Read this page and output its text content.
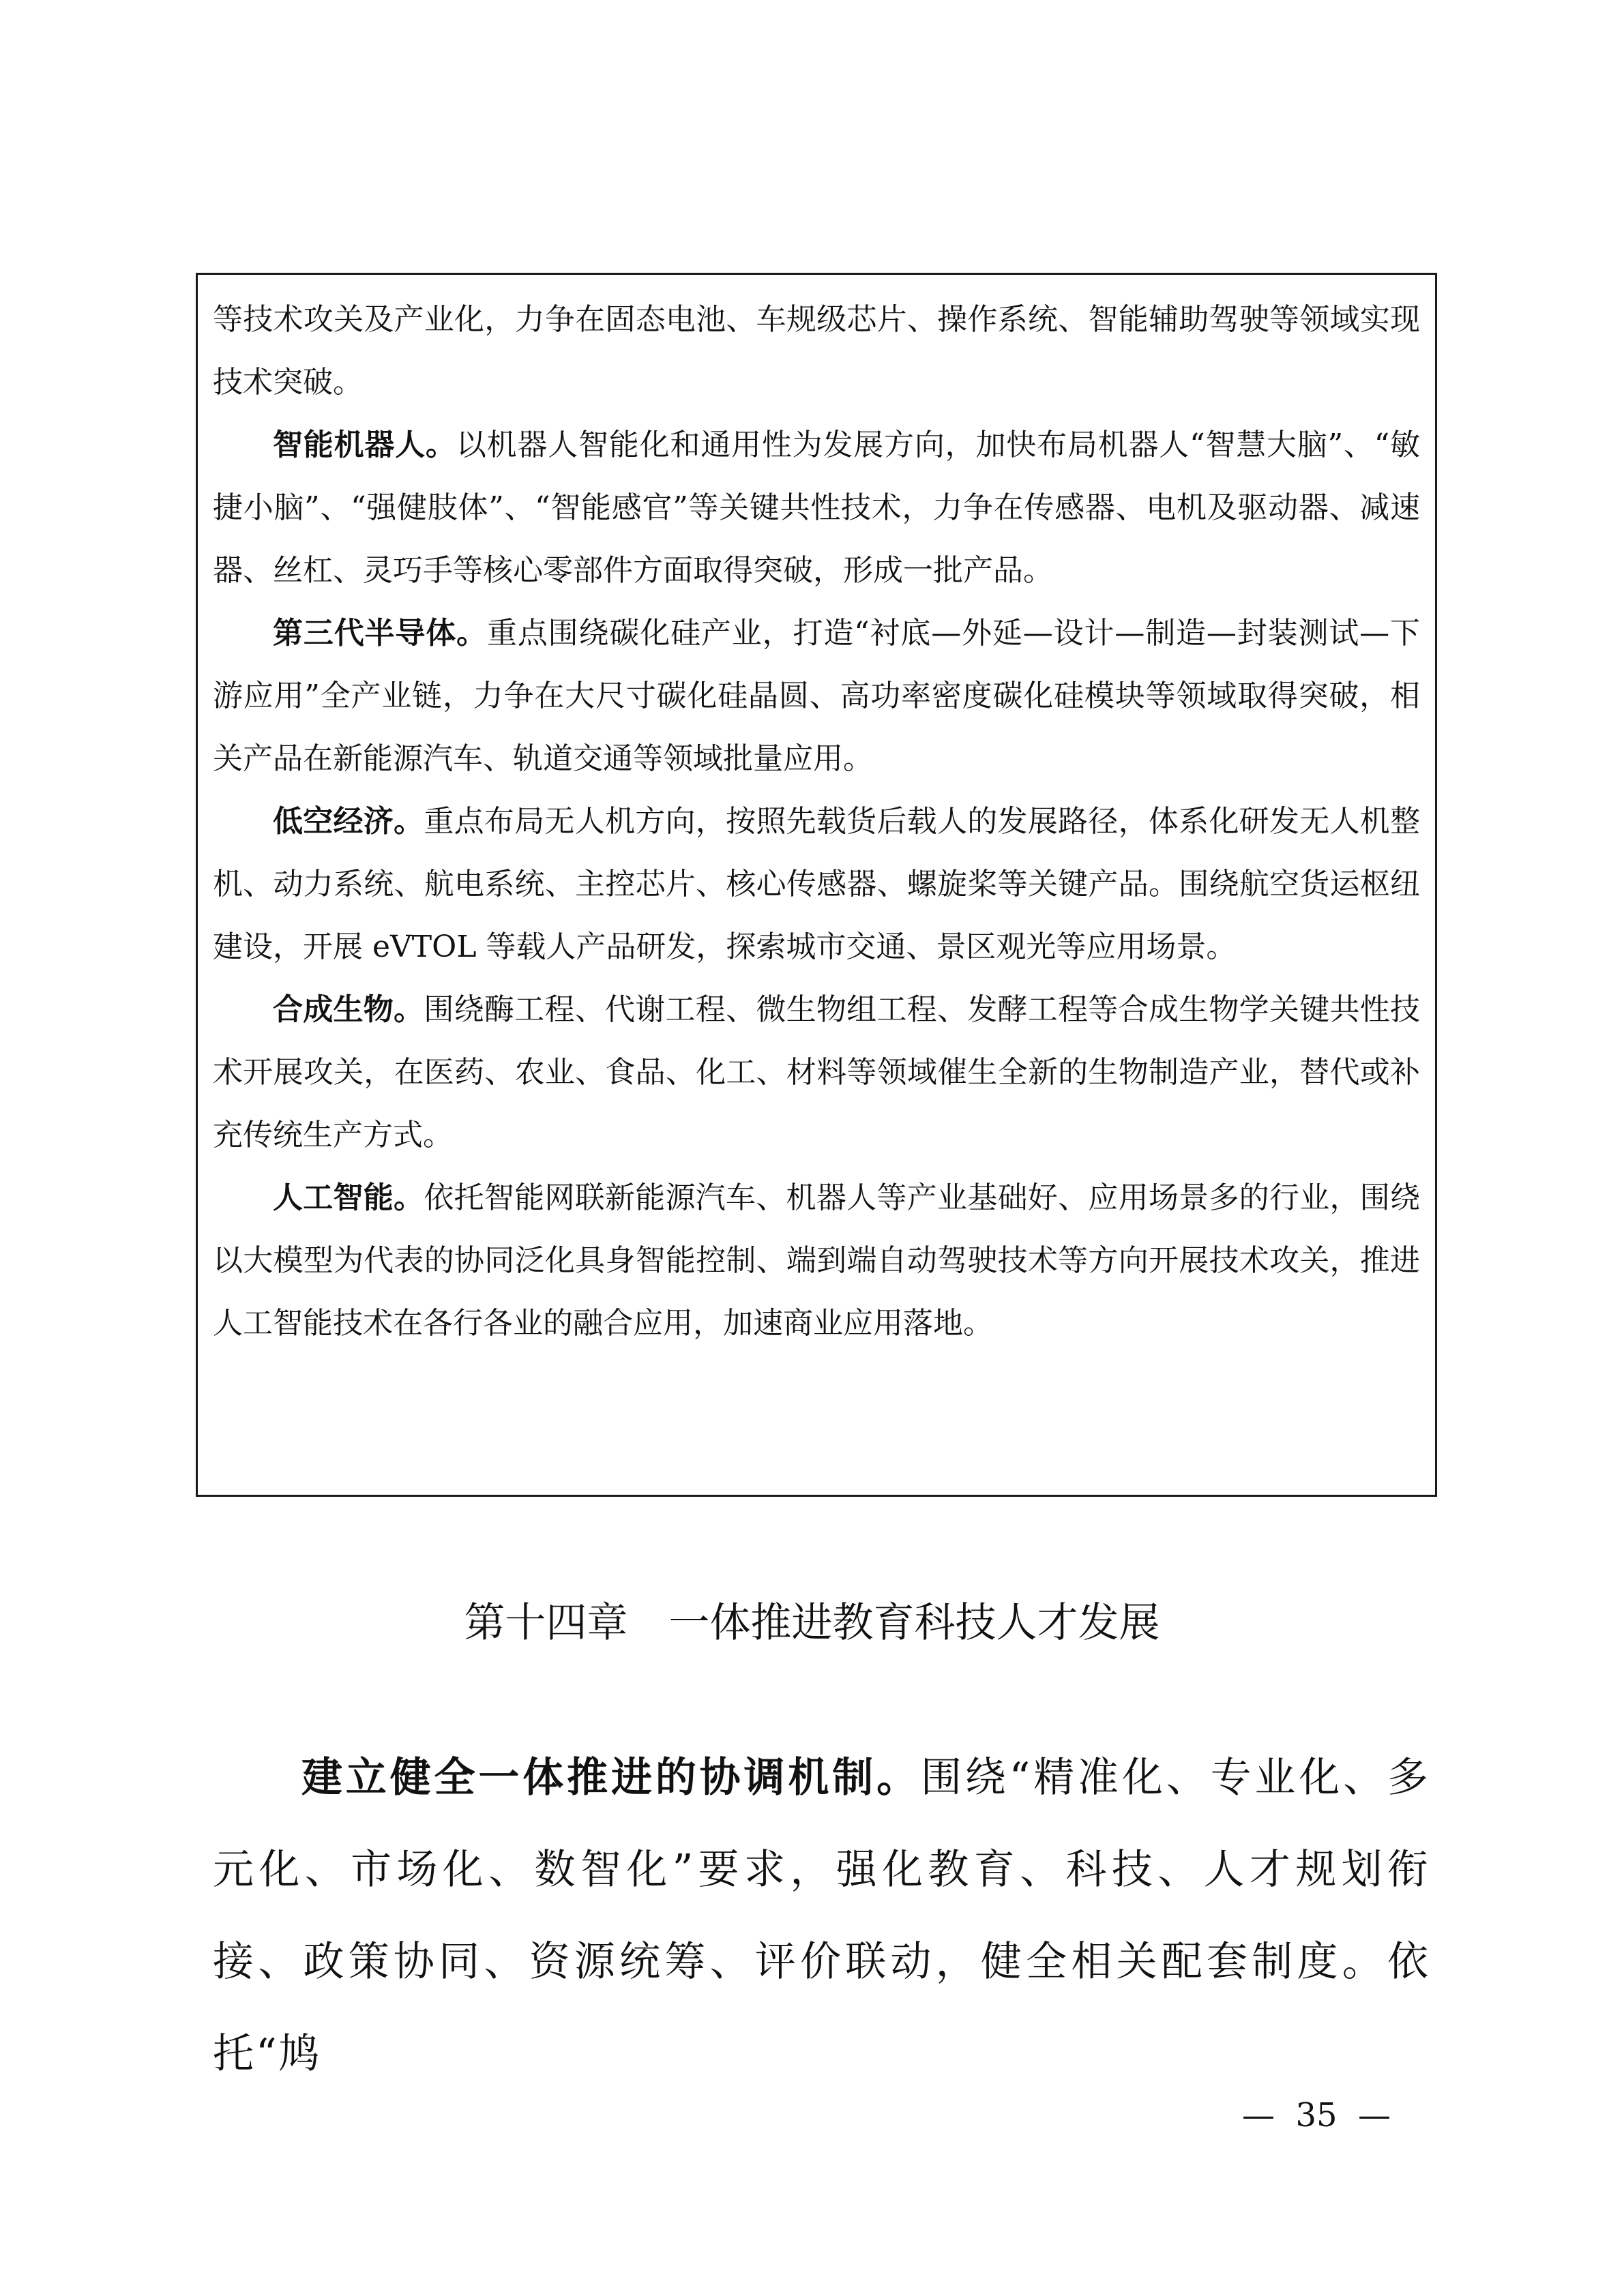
等技术攻关及产业化，力争在固态电池、车规级芯片、操作系统、智能辅助驾驶等领域实现技术突破。

智能机器人。以机器人智能化和通用性为发展方向，加快布局机器人“智慧大脑”、“敏捷小脑”、“强健肢体”、“智能感官”等关键共性技术，力争在传感器、电机及驱动器、减速器、丝杠、灵巧手等核心零部件方面取得突破，形成一批产品。

第三代半导体。重点围绕碳化硅产业，打造“衬底—外延—设计—制造—封装测试—下游应用”全产业链，力争在大尺寸碳化硅晶圆、高功率密度碳化硅模块等领域取得突破，相关产品在新能源汽车、轨道交通等领域批量应用。

低空经济。重点布局无人机方向，按照先载货后载人的发展路径，体系化研发无人机整机、动力系统、航电系统、主控芯片、核心传感器、螺旋桨等关键产品。围绕航空货运枢纽建设，开展 eVTOL 等载人产品研发，探索城市交通、景区观光等应用场景。

合成生物。围绕酶工程、代谢工程、微生物组工程、发酵工程等合成生物学关键共性技术开展攻关，在医药、农业、食品、化工、材料等领域催生全新的生物制造产业，替代或补充传统生产方式。

人工智能。依托智能网联新能源汽车、机器人等产业基础好、应用场景多的行业，围绕以大模型为代表的协同泛化具身智能控制、端到端自动驾驶技术等方向开展技术攻关，推进人工智能技术在各行各业的融合应用，加速商业应用落地。

第十四章　一体推进教育科技人才发展

建立健全一体推进的协调机制。围绕“精准化、专业化、多元化、市场化、数智化”要求，强化教育、科技、人才规划衔接、政策协同、资源统筹、评价联动，健全相关配套制度。依托“鸠

—  35  —
